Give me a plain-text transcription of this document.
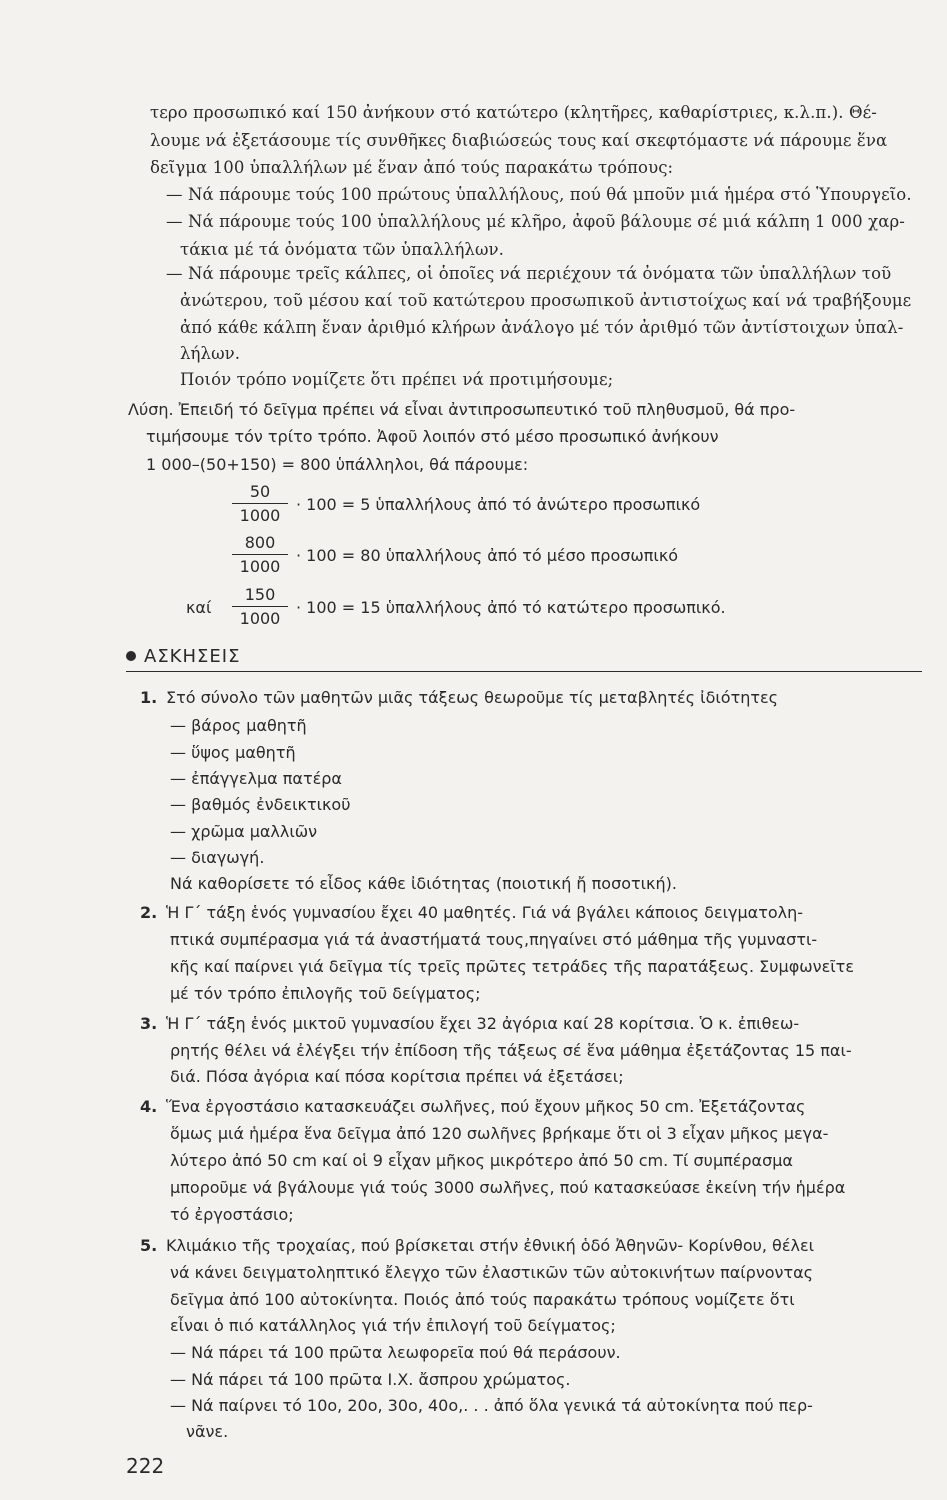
τερο προσωπικό καί 150 ἀνήκουν στό κατώτερο (κλητῆρες, καθαρίστριες, κ.λ.π.). Θέ-
λουμε νά ἐξετάσουμε τίς συνθῆκες διαβιώσεώς τους καί σκεφτόμαστε νά πάρουμε ἕνα
δεῖγμα 100 ὑπαλλήλων μέ ἕναν ἀπό τούς παρακάτω τρόπους:
— Νά πάρουμε τούς 100 πρώτους ὑπαλλήλους, πού θά μποῦν μιά ἡμέρα στό Ὑπουργεῖο.
— Νά πάρουμε τούς 100 ὑπαλλήλους μέ κλῆρο, ἀφοῦ βάλουμε σέ μιά κάλπη 1 000 χαρ-
τάκια μέ τά ὀνόματα τῶν ὑπαλλήλων.
— Νά πάρουμε τρεῖς κάλπες, οἱ ὁποῖες νά περιέχουν τά ὀνόματα τῶν ὑπαλλήλων τοῦ
ἀνώτερου, τοῦ μέσου καί τοῦ κατώτερου προσωπικοῦ ἀντιστοίχως καί νά τραβήξουμε
ἀπό κάθε κάλπη ἕναν ἀριθμό κλήρων ἀνάλογο μέ τόν ἀριθμό τῶν ἀντίστοιχων ὑπαλ-
λήλων.
Ποιόν τρόπο νομίζετε ὅτι πρέπει νά προτιμήσουμε;
Λύση. Ἐπειδή τό δεῖγμα πρέπει νά εἶναι ἀντιπροσωπευτικό τοῦ πληθυσμοῦ, θά προ-
τιμήσουμε τόν τρίτο τρόπο. Ἀφοῦ λοιπόν στό μέσο προσωπικό ἀνήκουν
1 000–(50+150) = 800 ὑπάλληλοι, θά πάρουμε:
$\frac{50}{1000} \cdot 100 = 5$ ὑπαλλήλους ἀπό τό ἀνώτερο προσωπικό
$\frac{800}{1000} \cdot 100 = 80$ ὑπαλλήλους ἀπό τό μέσο προσωπικό
καί $\frac{150}{1000} \cdot 100 = 15$ ὑπαλλήλους ἀπό τό κατώτερο προσωπικό.
ΑΣΚΗΣΕΙΣ
1. Στό σύνολο τῶν μαθητῶν μιᾶς τάξεως θεωροῦμε τίς μεταβλητές ἰδιότητες
— βάρος μαθητῆ
— ὕψος μαθητῆ
— ἐπάγγελμα πατέρα
— βαθμός ἐνδεικτικοῦ
— χρῶμα μαλλιῶν
— διαγωγή.
Νά καθορίσετε τό εἶδος κάθε ἰδιότητας (ποιοτική ἤ ποσοτική).
2. Ἡ Γ΄ τάξη ἑνός γυμνασίου ἔχει 40 μαθητές. Γιά νά βγάλει κάποιος δειγματολη-
πτικά συμπέρασμα γιά τά ἀναστήματά τους,πηγαίνει στό μάθημα τῆς γυμναστι-
κῆς καί παίρνει γιά δεῖγμα τίς τρεῖς πρῶτες τετράδες τῆς παρατάξεως. Συμφωνεῖτε
μέ τόν τρόπο ἐπιλογῆς τοῦ δείγματος;
3. Ἡ Γ΄ τάξη ἑνός μικτοῦ γυμνασίου ἔχει 32 ἀγόρια καί 28 κορίτσια. Ὁ κ. ἐπιθεω-
ρητής θέλει νά ἐλέγξει τήν ἐπίδοση τῆς τάξεως σέ ἕνα μάθημα ἐξετάζοντας 15 παι-
διά. Πόσα ἀγόρια καί πόσα κορίτσια πρέπει νά ἐξετάσει;
4. Ἕνα ἐργοστάσιο κατασκευάζει σωλῆνες, πού ἔχουν μῆκος 50 cm. Ἐξετάζοντας
ὅμως μιά ἡμέρα ἕνα δεῖγμα ἀπό 120 σωλῆνες βρήκαμε ὅτι οἱ 3 εἶχαν μῆκος μεγα-
λύτερο ἀπό 50 cm καί οἱ 9 εἶχαν μῆκος μικρότερο ἀπό 50 cm. Τί συμπέρασμα
μποροῦμε νά βγάλουμε γιά τούς 3000 σωλῆνες, πού κατασκεύασε ἐκείνη τήν ἡμέρα
τό ἐργοστάσιο;
5. Κλιμάκιο τῆς τροχαίας, πού βρίσκεται στήν ἐθνική ὁδό Ἀθηνῶν- Κορίνθου, θέλει
νά κάνει δειγματοληπτικό ἔλεγχο τῶν ἐλαστικῶν τῶν αὐτοκινήτων παίρνοντας
δεῖγμα ἀπό 100 αὐτοκίνητα. Ποιός ἀπό τούς παρακάτω τρόπους νομίζετε ὅτι
εἶναι ὁ πιό κατάλληλος γιά τήν ἐπιλογή τοῦ δείγματος;
— Νά πάρει τά 100 πρῶτα λεωφορεῖα πού θά περάσουν.
— Νά πάρει τά 100 πρῶτα Ι.Χ. ἄσπρου χρώματος.
— Νά παίρνει τό 10ο, 20ο, 30ο, 40ο,. . . ἀπό ὅλα γενικά τά αὐτοκίνητα πού περ-
νᾶνε.
222
